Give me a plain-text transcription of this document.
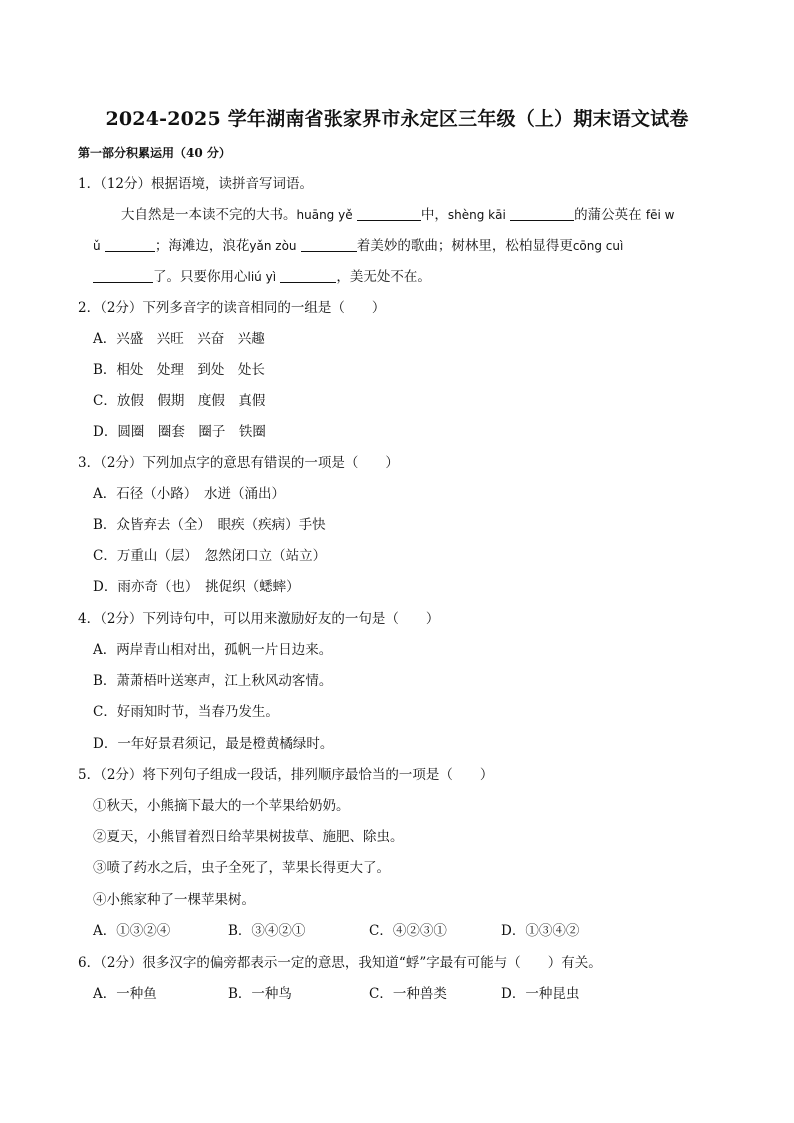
2024-2025 学年湖南省张家界市永定区三年级（上）期末语文试卷
第一部分积累运用（40 分）
1．（12分）根据语境，读拼音写词语。
大自然是一本读不完的大书。huāng yě	中，shèng kāi	的蒲公英在 fēi w
ǔ	；海滩边，浪花yǎn zòu	着美妙的歌曲；树林里，松柏显得更cōng cuì
了。只要你用心liú yì	，美无处不在。
2．（2分）下列多音字的读音相同的一组是（　　）
A．兴盛　兴旺　兴奋　兴趣
B．相处　处理　到处　处长
C．放假　假期　度假　真假
D．圆圈　圈套　圈子　铁圈
3．（2分）下列加点字的意思有错误的一项是（　　）
A．石径（小路）　水迸（涌出）
B．众皆弃去（全）　眼疾（疾病）手快
C．万重山（层）　忽然闭口立（站立）
D．雨亦奇（也）　挑促织（蟋蟀）
4．（2分）下列诗句中，可以用来激励好友的一句是（　　）
A．两岸青山相对出，孤帆一片日边来。
B．萧萧梧叶送寒声，江上秋风动客情。
C．好雨知时节，当春乃发生。
D．一年好景君须记，最是橙黄橘绿时。
5．（2分）将下列句子组成一段话，排列顺序最恰当的一项是（　　）
①秋天，小熊摘下最大的一个苹果给奶奶。
②夏天，小熊冒着烈日给苹果树拔草、施肥、除虫。
③喷了药水之后，虫子全死了，苹果长得更大了。
④小熊家种了一棵苹果树。
A．①③②④	B．③④②①	C．④②③①	D．①③④②
6．（2分）很多汉字的偏旁都表示一定的意思，我知道“蜉”字最有可能与（　　）有关。
A．一种鱼	B．一种鸟	C．一种兽类	D．一种昆虫
